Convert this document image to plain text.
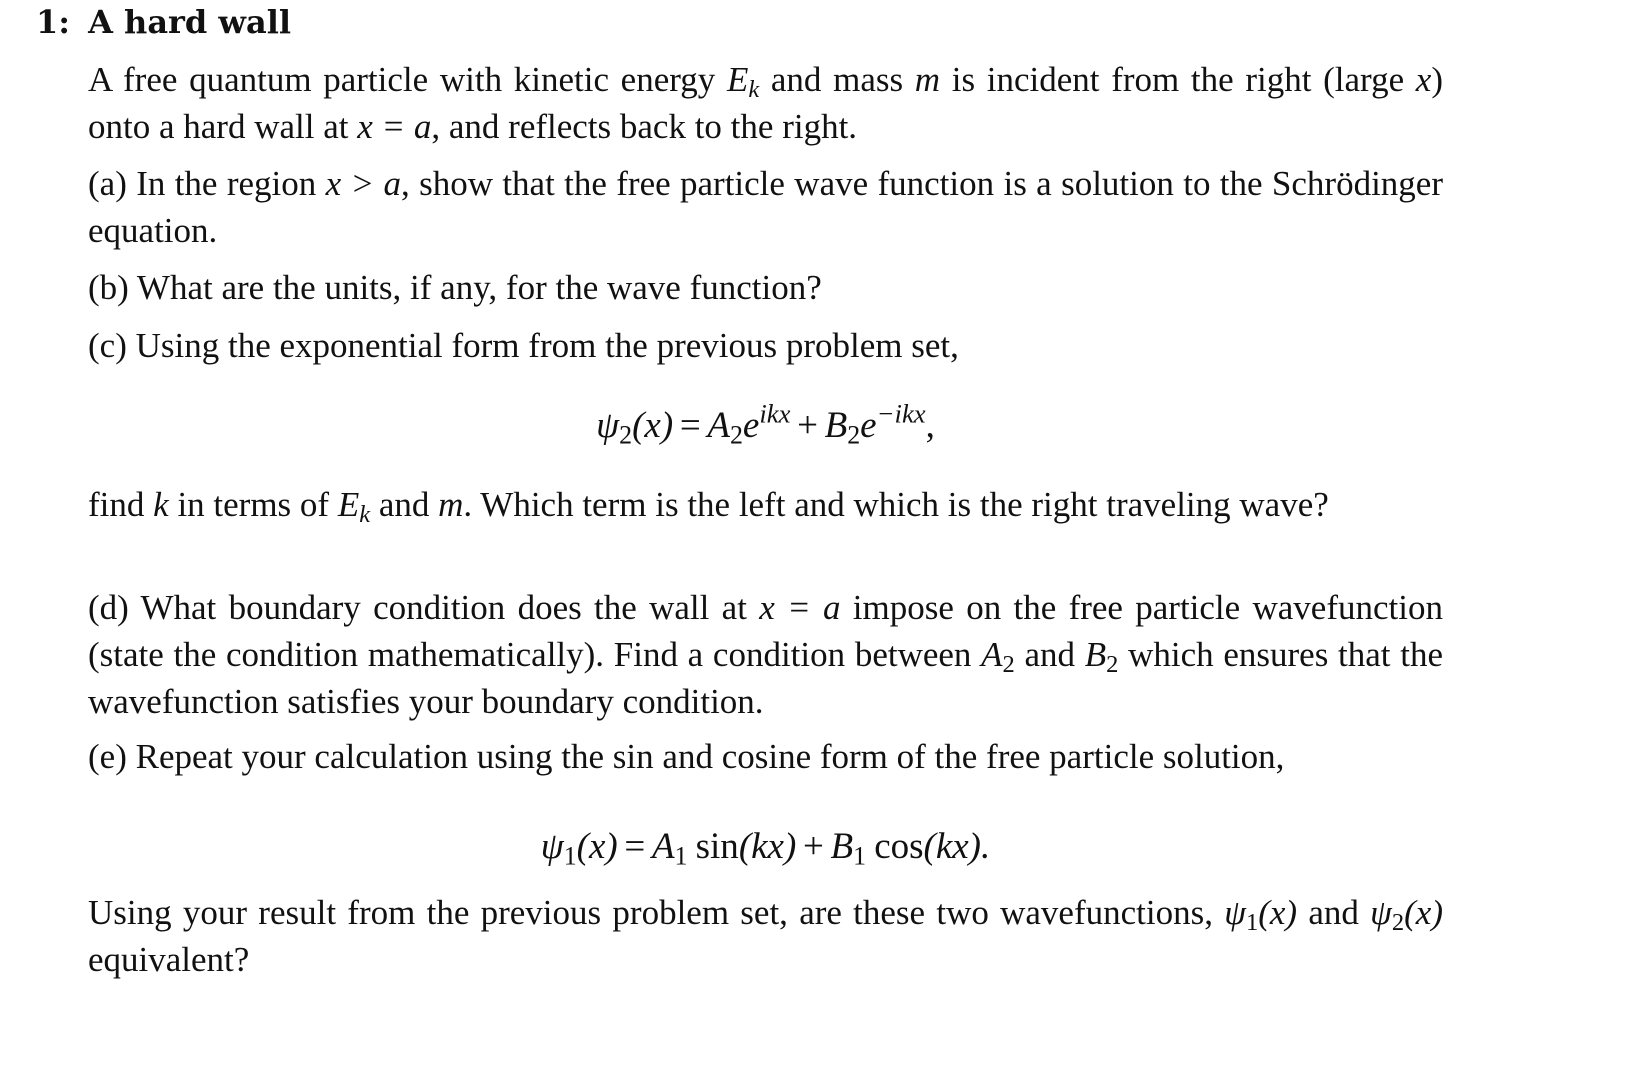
1: A hard wall

A free quantum particle with kinetic energy $E_k$ and mass m is incident from the right (large x) onto a hard wall at x = a, and reflects back to the right.

(a) In the region x > a, show that the free particle wave function is a solution to the Schrödinger equation.

(b) What are the units, if any, for the wave function?

(c) Using the exponential form from the previous problem set,

$\psi_2(x) = A_2e^{ikx} + B_2e^{-ikx}$,

find k in terms of $E_k$ and m. Which term is the left and which is the right traveling wave?

(d) What boundary condition does the wall at x = a impose on the free particle wavefunction (state the condition mathematically). Find a condition between $A_2$ and $B_2$ which ensures that the wavefunction satisfies your boundary condition.

(e) Repeat your calculation using the sin and cosine form of the free particle solution,

$\psi_1(x) = A_1$ $\sin(kx) + B_1$ cos(kx).

Using your result from the previous problem set, are these two wavefunctions, $\psi_1(x)$ and $\psi_2(x)$ equivalent?
